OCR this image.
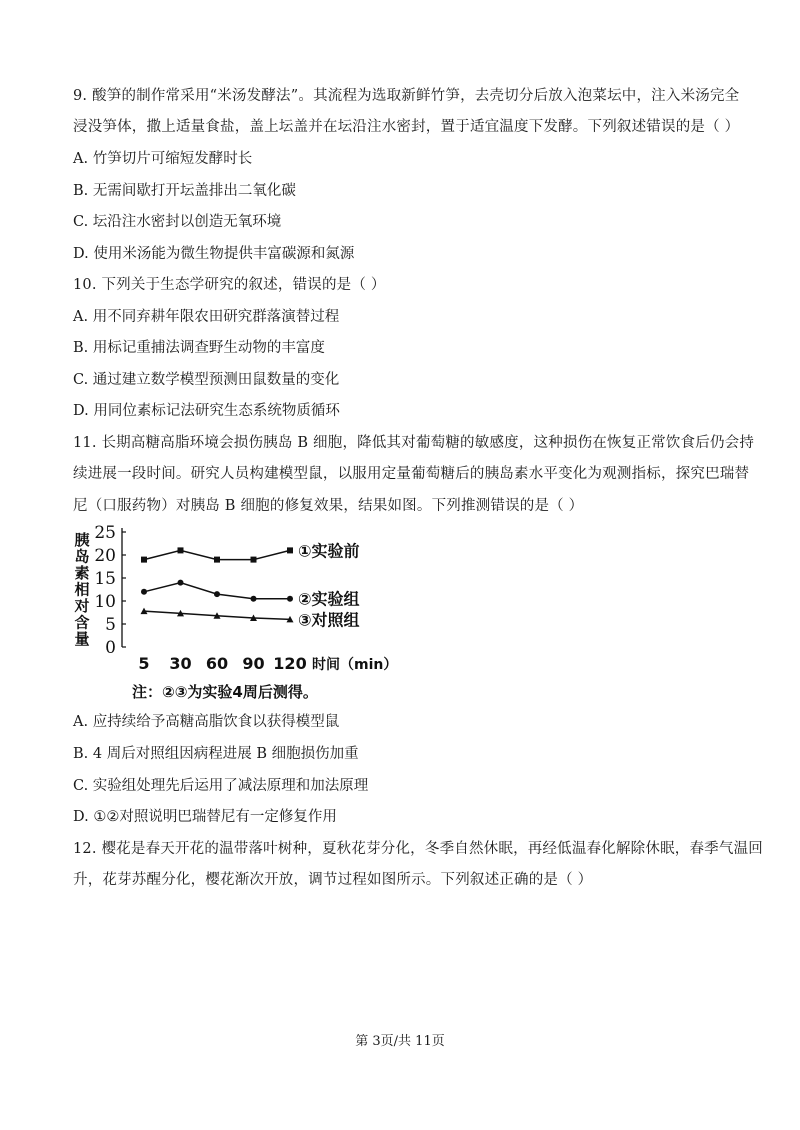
9. 酸笋的制作常采用“米汤发酵法”。其流程为选取新鲜竹笋，去壳切分后放入泡菜坛中，注入米汤完全
浸没笋体，撒上适量食盐，盖上坛盖并在坛沿注水密封，置于适宜温度下发酵。下列叙述错误的是（ ）
A. 竹笋切片可缩短发酵时长
B. 无需间歇打开坛盖排出二氧化碳
C. 坛沿注水密封以创造无氧环境
D. 使用米汤能为微生物提供丰富碳源和氮源
10. 下列关于生态学研究的叙述，错误的是（ ）
A. 用不同弃耕年限农田研究群落演替过程
B. 用标记重捕法调查野生动物的丰富度
C. 通过建立数学模型预测田鼠数量的变化
D. 用同位素标记法研究生态系统物质循环
11. 长期高糖高脂环境会损伤胰岛 B 细胞，降低其对葡萄糖的敏感度，这种损伤在恢复正常饮食后仍会持
续进展一段时间。研究人员构建模型鼠，以服用定量葡萄糖后的胰岛素水平变化为观测指标，探究巴瑞替
尼（口服药物）对胰岛 B 细胞的修复效果，结果如图。下列推测错误的是（ ）
胰岛素相对含量
25
20
15
10
5
0
5 30 60 90 120 时间（min）
①实验前
②实验组
③对照组
注：②③为实验4周后测得。
A. 应持续给予高糖高脂饮食以获得模型鼠
B. 4 周后对照组因病程进展 B 细胞损伤加重
C. 实验组处理先后运用了减法原理和加法原理
D. ①②对照说明巴瑞替尼有一定修复作用
12. 樱花是春天开花的温带落叶树种，夏秋花芽分化，冬季自然休眠，再经低温春化解除休眠，春季气温回
升，花芽苏醒分化，樱花渐次开放，调节过程如图所示。下列叙述正确的是（ ）
第 3页/共 11页
